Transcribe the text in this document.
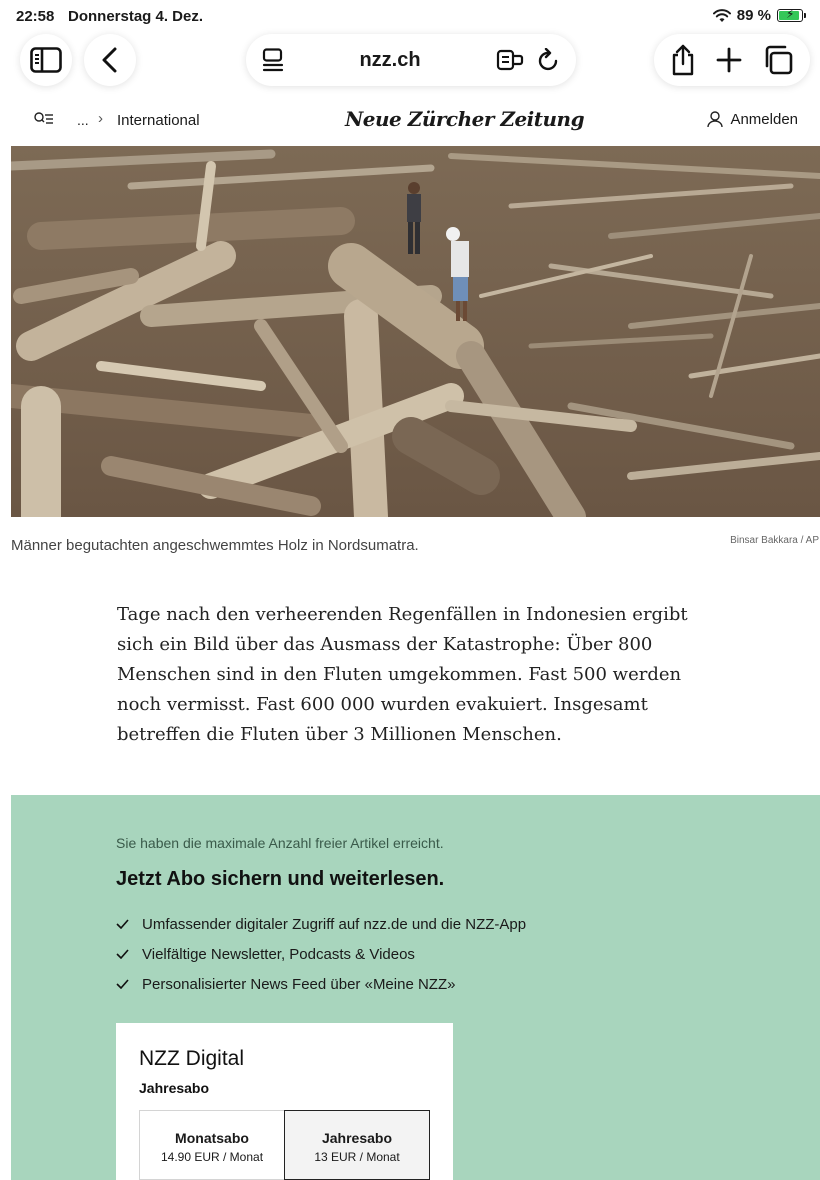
22:58 Donnerstag 4. Dez.	89 % ⚡
nzz.ch
... › International	Neue Zürcher Zeitung	Anmelden
Männer begutachten angeschwemmtes Holz in Nordsumatra.	Binsar Bakkara / AP

Tage nach den verheerenden Regenfällen in Indonesien ergibt sich ein Bild über das Ausmass der Katastrophe: Über 800 Menschen sind in den Fluten umgekommen. Fast 500 werden noch vermisst. Fast 600 000 wurden evakuiert. Insgesamt betreffen die Fluten über 3 Millionen Menschen.

Sie haben die maximale Anzahl freier Artikel erreicht.
Jetzt Abo sichern und weiterlesen.
Umfassender digitaler Zugriff auf nzz.de und die NZZ-App
Vielfältige Newsletter, Podcasts & Videos
Personalisierter News Feed über «Meine NZZ»
NZZ Digital
Jahresabo
Monatsabo
14.90 EUR / Monat
Jahresabo
13 EUR / Monat
